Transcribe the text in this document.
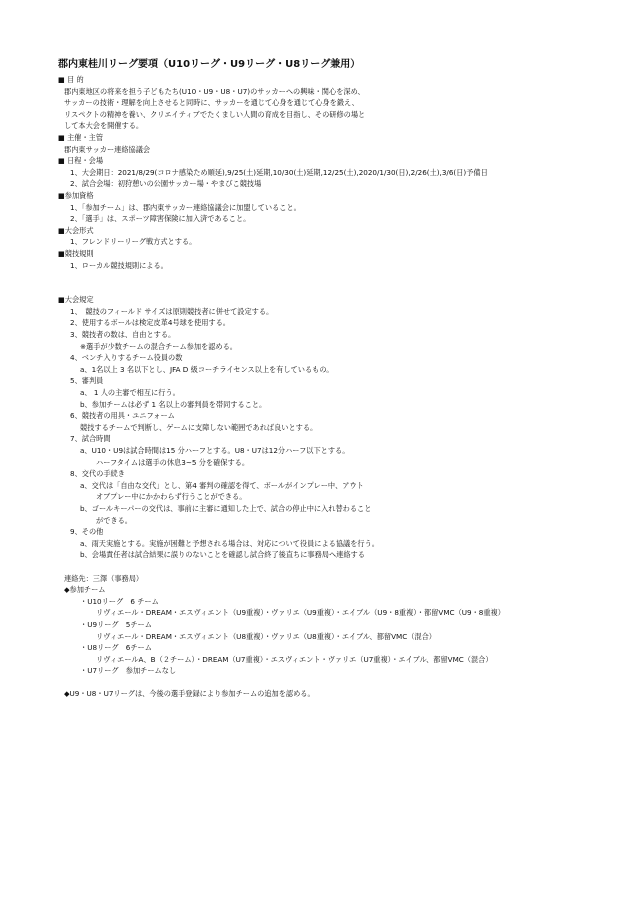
郡内東桂川リーグ要項（U10リーグ・U9リーグ・U8リーグ兼用）
■ 目 的
郡内東地区の将来を担う子どもたち(U10・U9・U8・U7)のサッカーへの興味・関心を深め、
サッカーの技術・理解を向上させると同時に、サッカーを通じて心身を通じて心身を鍛え、
リスペクトの精神を養い、クリエイティブでたくましい人間の育成を目指し、その研修の場と
して本大会を開催する。
■ 主催・主管
郡内東サッカー連絡協議会
■ 日程・会場
1、大会期日：2021/8/29(コロナ感染ため順延),9/25(土)延期,10/30(土)延期,12/25(土),2020/1/30(日),2/26(土),3/6(日)予備日
2、試合会場：初狩憩いの公園サッカー場・やまびこ競技場
■参加資格
1、「参加チーム」は、郡内東サッカー連絡協議会に加盟していること。
2、「選手」は、スポーツ障害保険に加入済であること。
■大会形式
1、フレンドリーリーグ戦方式とする。
■競技規則
1、ローカル競技規則による。
■大会規定
1、　競技のフィールド サイズは原則競技者に併せて設定する。
2、使用するボールは検定皮革4号球を使用する。
3、競技者の数は、自由とする。
※選手が少数チームの混合チーム参加を認める。
4、ベンチ入りするチーム役員の数
a、1名以上 3 名以下とし、JFA D 級コーチライセンス以上を有しているもの。
5、審判員
a、 1 人の主審で相互に行う。
b、参加チームは必ず 1 名以上の審判員を帯同すること。
6、競技者の用具・ユニフォーム
競技するチームで判断し、ゲームに支障しない範囲であれば良いとする。
7、試合時間
a、U10・U9は試合時間は15 分ハーフとする。U8・U7は12分ハーフ以下とする。
ハーフタイムは選手の休息3~5 分を確保する。
8、交代の手続き
a、交代は「自由な交代」とし、第4 審判の確認を得て、ボールがインプレー中、アウト
オブプレー中にかかわらず行うことができる。
b、ゴールキーパーの交代は、事前に主審に通知した上で、試合の停止中に入れ替わること
ができる。
9、その他
a、雨天実施とする。実施が困難と予想される場合は、対応について役員による協議を行う。
b、会場責任者は試合結果に誤りのないことを確認し試合終了後直ちに事務局へ連絡する
連絡先：三澤（事務局）
◆参加チーム
・U10リーグ　6 チーム
リヴィエール・DREAM・エスヴィエント（U9重複）・ヴァリエ（U9重複）・エイブル（U9・8重複）・都留VMC（U9・8重複）
・U9リーグ　5チーム
リヴィエール・DREAM・エスヴィエント（U8重複）・ヴァリエ（U8重複）・エイブル、都留VMC（混合）
・U8リーグ　6チーム
リヴィエールA、B（２チーム）・DREAM（U7重複）・エスヴィエント・ヴァリエ（U7重複）・エイブル、都留VMC（混合）
・U7リーグ　参加チームなし
◆U9・U8・U7リーグは、今後の選手登録により参加チームの追加を認める。
